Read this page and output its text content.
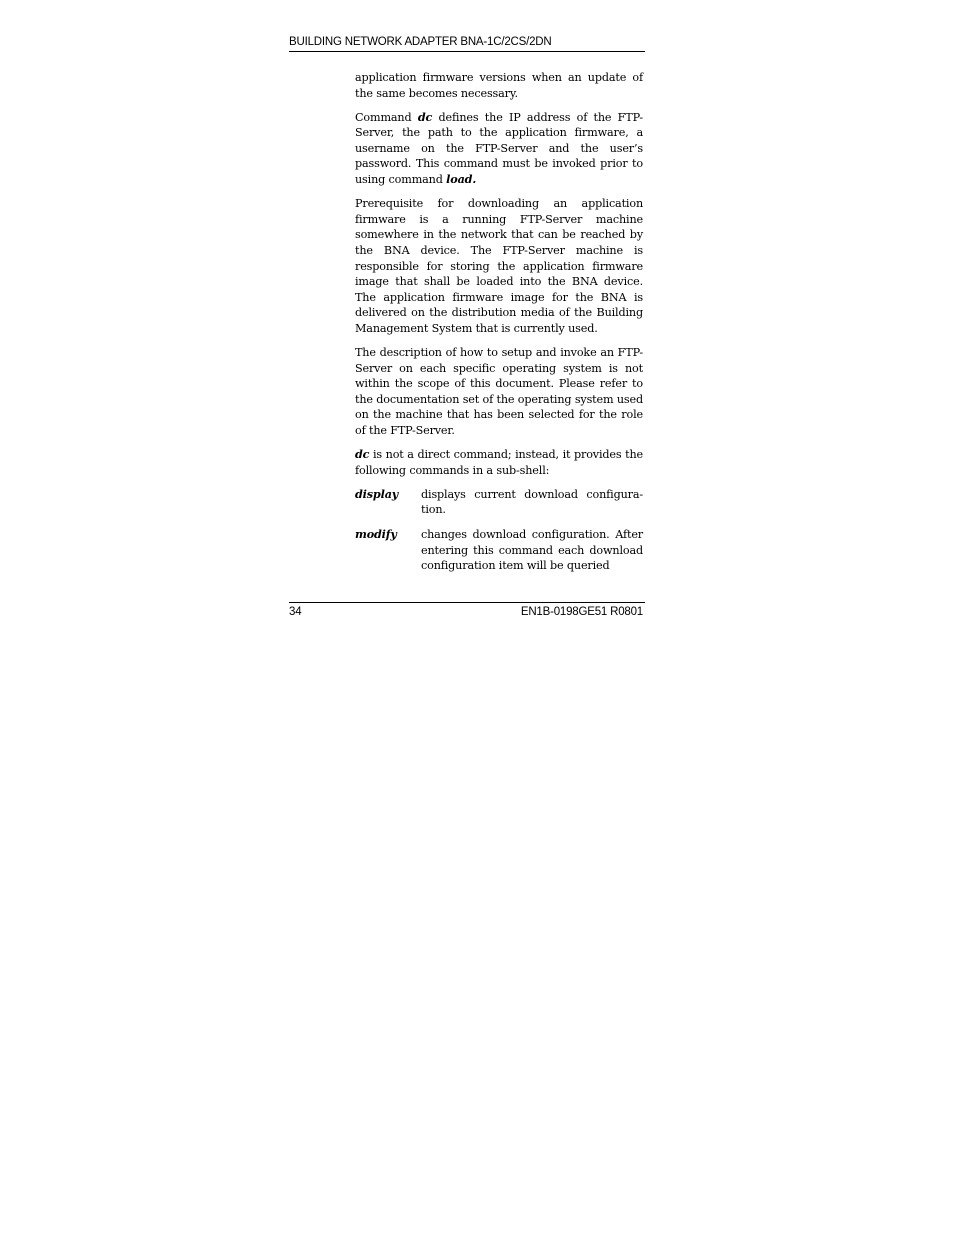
BUILDING NETWORK ADAPTER BNA-1C/2CS/2DN

application firmware versions when an update of the same becomes necessary.

Command dc defines the IP address of the FTP-Server, the path to the application firmware, a username on the FTP-Server and the user’s password. This command must be invoked prior to using command load.

Prerequisite for downloading an application firmware is a running FTP-Server machine somewhere in the network that can be reached by the BNA device. The FTP-Server machine is responsible for storing the application firmware image that shall be loaded into the BNA device. The application firmware image for the BNA is delivered on the distribution media of the Building Management System that is currently used.

The description of how to setup and invoke an FTP-Server on each specific operating system is not within the scope of this document. Please refer to the documentation set of the operating system used on the machine that has been selected for the role of the FTP-Server.

dc is not a direct command; instead, it provides the following commands in a sub-shell:

display	displays current download configura-tion.
modify	changes download configuration. After entering this command each download configuration item will be queried
34	EN1B-0198GE51 R0801
